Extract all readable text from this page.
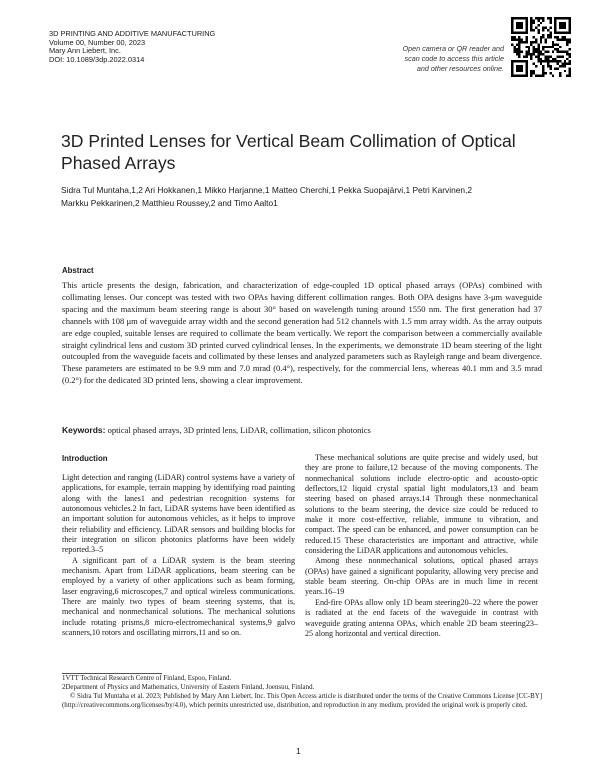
3D PRINTING AND ADDITIVE MANUFACTURING
Volume 00, Number 00, 2023
Mary Ann Liebert, Inc.
DOI: 10.1089/3dp.2022.0314
Open camera or QR reader and scan code to access this article and other resources online.
3D Printed Lenses for Vertical Beam Collimation of Optical Phased Arrays
Sidra Tul Muntaha,1,2 Ari Hokkanen,1 Mikko Harjanne,1 Matteo Cherchi,1 Pekka Suopajärvi,1 Petri Karvinen,2
Markku Pekkarinen,2 Matthieu Roussey,2 and Timo Aalto1
Abstract
This article presents the design, fabrication, and characterization of edge-coupled 1D optical phased arrays (OPAs) combined with collimating lenses. Our concept was tested with two OPAs having different collimation ranges. Both OPA designs have 3-μm waveguide spacing and the maximum beam steering range is about 30° based on wavelength tuning around 1550 nm. The first generation had 37 channels with 108 μm of waveguide array width and the second generation had 512 channels with 1.5 mm array width. As the array outputs are edge coupled, suitable lenses are required to collimate the beam vertically. We report the comparison between a commercially available straight cylindrical lens and custom 3D printed curved cylindrical lenses. In the experiments, we demonstrate 1D beam steering of the light outcoupled from the waveguide facets and collimated by these lenses and analyzed parameters such as Rayleigh range and beam divergence. These parameters are estimated to be 9.9 mm and 7.0 mrad (0.4°), respectively, for the commercial lens, whereas 40.1 mm and 3.5 mrad (0.2°) for the dedicated 3D printed lens, showing a clear improvement.
Keywords: optical phased arrays, 3D printed lens, LiDAR, collimation, silicon photonics
Introduction

Light detection and ranging (LiDAR) control systems have a variety of applications, for example, terrain mapping by identifying road painting along with the lanes1 and pedestrian recognition systems for autonomous vehicles.2 In fact, LiDAR systems have been identified as an important solution for autonomous vehicles, as it helps to improve their reliability and efficiency. LiDAR sensors and building blocks for their integration on silicon photonics platforms have been widely reported.3–5

A significant part of a LiDAR system is the beam steering mechanism. Apart from LiDAR applications, beam steering can be employed by a variety of other applications such as beam forming, laser engraving,6 microscopes,7 and optical wireless communications. There are mainly two types of beam steering systems, that is, mechanical and nonmechanical solutions. The mechanical solutions include rotating prisms,8 micro-electromechanical systems,9 galvo scanners,10 rotors and oscillating mirrors,11 and so on.

These mechanical solutions are quite precise and widely used, but they are prone to failure,12 because of the moving components. The nonmechanical solutions include electro-optic and acousto-optic deflectors,12 liquid crystal spatial light modulators,13 and beam steering based on phased arrays.14 Through these nonmechanical solutions to the beam steering, the device size could be reduced to make it more cost-effective, reliable, immune to vibration, and compact. The speed can be enhanced, and power consumption can be reduced.15 These characteristics are important and attractive, while considering the LiDAR applications and autonomous vehicles.

Among these nonmechanical solutions, optical phased arrays (OPAs) have gained a significant popularity, allowing very precise and stable beam steering. On-chip OPAs are in much lime in recent years.16–19

End-fire OPAs allow only 1D beam steering20–22 where the power is radiated at the end facets of the waveguide in contrast with waveguide grating antenna OPAs, which enable 2D beam steering23–25 along horizontal and vertical direction.

1VTT Technical Research Centre of Finland, Espoo, Finland.

2Department of Physics and Mathematics, University of Eastern Finland, Joensuu, Finland.

© Sidra Tul Muntaha et al. 2023; Published by Mary Ann Liebert, Inc. This Open Access article is distributed under the terms of the Creative Commons License [CC-BY] (http://creativecommons.org/licenses/by/4.0), which permits unrestricted use, distribution, and reproduction in any medium, provided the original work is properly cited.

1
